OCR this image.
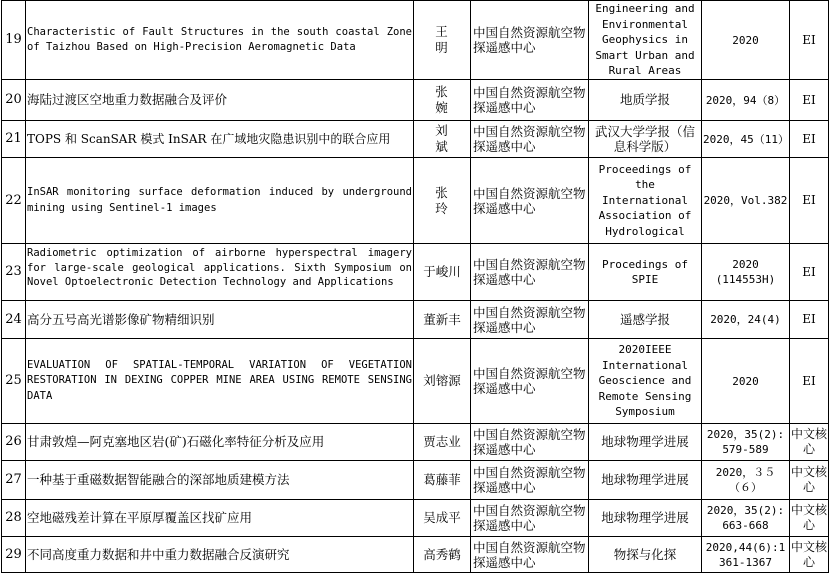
19	Characteristic of Fault Structures in the south coastal Zone of Taizhou Based on High-Precision Aeromagnetic Data	王 明	中国自然资源航空物探遥感中心	Engineering and Environmental Geophysics in Smart Urban and Rural Areas	2020	EI
20	海陆过渡区空地重力数据融合及评价	张 婉	中国自然资源航空物探遥感中心	地质学报	2020，94（8）	EI
21	TOPS 和 ScanSAR 模式 InSAR 在广域地灾隐患识别中的联合应用	刘 斌	中国自然资源航空物探遥感中心	武汉大学学报（信息科学版）	2020，45（11）	EI
22	InSAR monitoring surface deformation induced by underground mining using Sentinel-1 images	张 玲	中国自然资源航空物探遥感中心	Proceedings of the International Association of Hydrological	2020，Vol.382	EI
23	Radiometric optimization of airborne hyperspectral imagery for large-scale geological applications. Sixth Symposium on Novel Optoelectronic Detection Technology and Applications	于峻川	中国自然资源航空物探遥感中心	Procedings of SPIE	2020 (114553H)	EI
24	高分五号高光谱影像矿物精细识别	董新丰	中国自然资源航空物探遥感中心	遥感学报	2020，24(4)	EI
25	EVALUATION OF SPATIAL-TEMPORAL VARIATION OF VEGETATION RESTORATION IN DEXING COPPER MINE AREA USING REMOTE SENSING DATA	刘镕源	中国自然资源航空物探遥感中心	2020IEEE International Geoscience and Remote Sensing Symposium	2020	EI
26	甘肃敦煌—阿克塞地区岩(矿)石磁化率特征分析及应用	贾志业	中国自然资源航空物探遥感中心	地球物理学进展	2020，35(2): 579-589	中文核心
27	一种基于重磁数据智能融合的深部地质建模方法	葛藤菲	中国自然资源航空物探遥感中心	地球物理学进展	2020，３５（６）	中文核心
28	空地磁残差计算在平原厚覆盖区找矿应用	吴成平	中国自然资源航空物探遥感中心	地球物理学进展	2020，35(2): 663-668	中文核心
29	不同高度重力数据和井中重力数据融合反演研究	高秀鹤	中国自然资源航空物探遥感中心	物探与化探	2020,44(6):1361-1367	中文核心
